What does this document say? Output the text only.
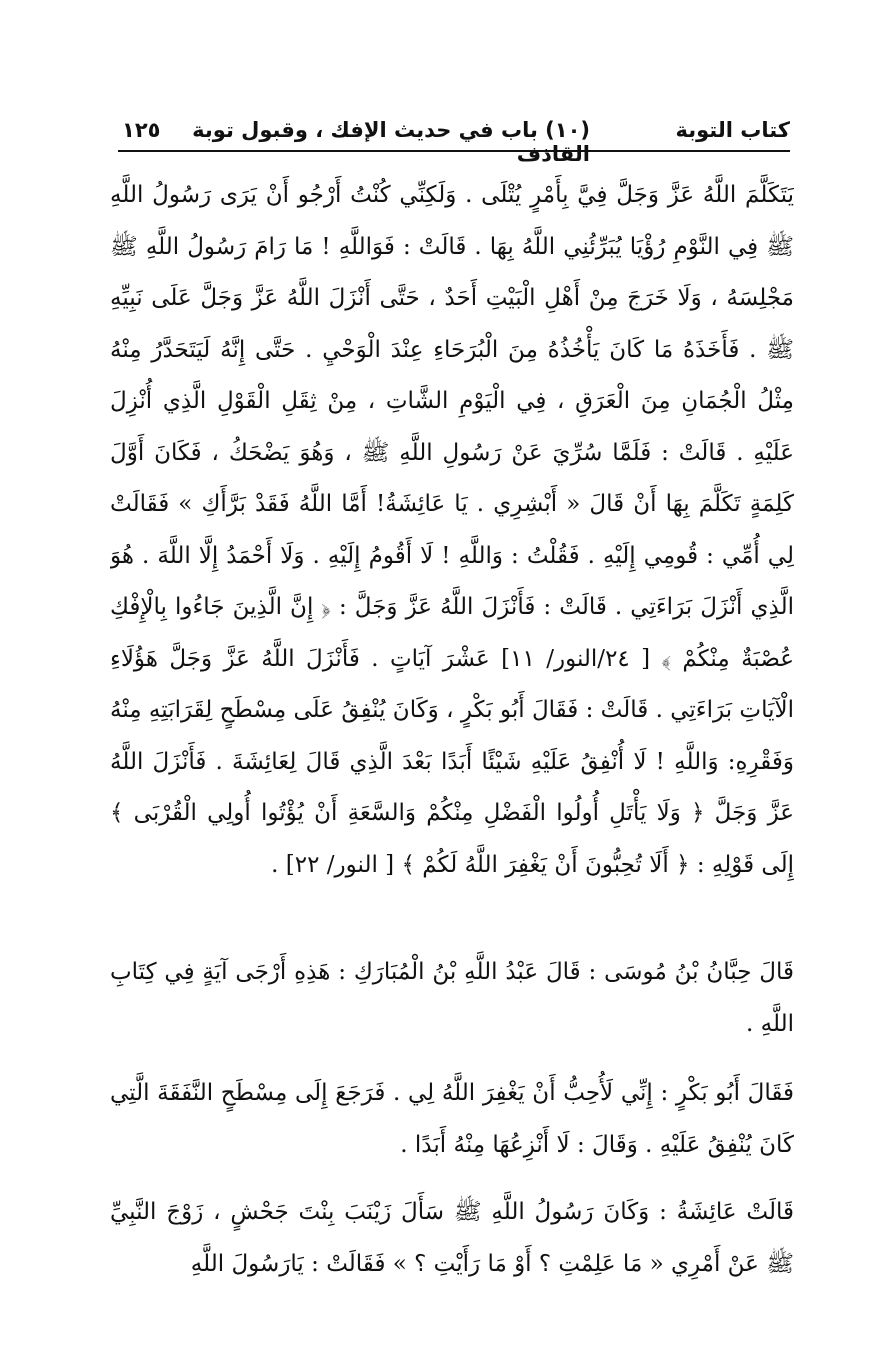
كتاب التوبة
(١٠) باب في حديث الإفك ، وقبول توبة القاذف
١٢٥

يَتَكَلَّمَ اللَّهُ عَزَّ وَجَلَّ فِيَّ بِأَمْرٍ يُتْلَى . وَلَكِنِّي كُنْتُ أَرْجُو أَنْ يَرَى رَسُولُ اللَّهِ ﷺ فِي النَّوْمِ رُؤْيَا يُبَرِّئُنِي اللَّهُ بِهَا . قَالَتْ : فَوَاللَّهِ ! مَا رَامَ رَسُولُ اللَّهِ ﷺ مَجْلِسَهُ ، وَلَا خَرَجَ مِنْ أَهْلِ الْبَيْتِ أَحَدٌ ، حَتَّى أَنْزَلَ اللَّهُ عَزَّ وَجَلَّ عَلَى نَبِيِّهِ ﷺ . فَأَخَذَهُ مَا كَانَ يَأْخُذُهُ مِنَ الْبُرَحَاءِ عِنْدَ الْوَحْيِ . حَتَّى إِنَّهُ لَيَتَحَدَّرُ مِنْهُ مِثْلُ الْجُمَانِ مِنَ الْعَرَقِ ، فِي الْيَوْمِ الشَّاتِ ، مِنْ ثِقَلِ الْقَوْلِ الَّذِي أُنْزِلَ عَلَيْهِ . قَالَتْ : فَلَمَّا سُرِّيَ عَنْ رَسُولِ اللَّهِ ﷺ ، وَهُوَ يَضْحَكُ ، فَكَانَ أَوَّلَ كَلِمَةٍ تَكَلَّمَ بِهَا أَنْ قَالَ « أَبْشِرِي . يَا عَائِشَةُ! أَمَّا اللَّهُ فَقَدْ بَرَّأَكِ » فَقَالَتْ لِي أُمِّي : قُومِي إِلَيْهِ . فَقُلْتُ : وَاللَّهِ ! لَا أَقُومُ إِلَيْهِ . وَلَا أَحْمَدُ إِلَّا اللَّهَ . هُوَ الَّذِي أَنْزَلَ بَرَاءَتِي . قَالَتْ : فَأَنْزَلَ اللَّهُ عَزَّ وَجَلَّ : ﴿ إِنَّ الَّذِينَ جَاءُوا بِالْإِفْكِ عُصْبَةٌ مِنْكُمْ ﴾ [ ٢٤/النور/ ١١] عَشْرَ آيَاتٍ . فَأَنْزَلَ اللَّهُ عَزَّ وَجَلَّ هَؤُلَاءِ الْآيَاتِ بَرَاءَتِي . قَالَتْ : فَقَالَ أَبُو بَكْرٍ ، وَكَانَ يُنْفِقُ عَلَى مِسْطَحٍ لِقَرَابَتِهِ مِنْهُ وَفَقْرِهِ: وَاللَّهِ ! لَا أُنْفِقُ عَلَيْهِ شَيْئًا أَبَدًا بَعْدَ الَّذِي قَالَ لِعَائِشَةَ . فَأَنْزَلَ اللَّهُ عَزَّ وَجَلَّ ﴿ وَلَا يَأْتَلِ أُولُوا الْفَضْلِ مِنْكُمْ وَالسَّعَةِ أَنْ يُؤْتُوا أُولِي الْقُرْبَى ﴾ إِلَى قَوْلِهِ : ﴿ أَلَا تُحِبُّونَ أَنْ يَغْفِرَ اللَّهُ لَكُمْ ﴾ [ النور/ ٢٢] .

قَالَ حِبَّانُ بْنُ مُوسَى : قَالَ عَبْدُ اللَّهِ بْنُ الْمُبَارَكِ : هَذِهِ أَرْجَى آيَةٍ فِي كِتَابِ اللَّهِ .

فَقَالَ أَبُو بَكْرٍ : إِنِّي لَأُحِبُّ أَنْ يَغْفِرَ اللَّهُ لِي . فَرَجَعَ إِلَى مِسْطَحٍ النَّفَقَةَ الَّتِي كَانَ يُنْفِقُ عَلَيْهِ . وَقَالَ : لَا أَنْزِعُهَا مِنْهُ أَبَدًا .

قَالَتْ عَائِشَةُ : وَكَانَ رَسُولُ اللَّهِ ﷺ سَأَلَ زَيْنَبَ بِنْتَ جَحْشٍ ، زَوْجَ النَّبِيِّ ﷺ عَنْ أَمْرِي « مَا عَلِمْتِ ؟ أَوْ مَا رَأَيْتِ ؟ » فَقَالَتْ : يَارَسُولَ اللَّهِ
